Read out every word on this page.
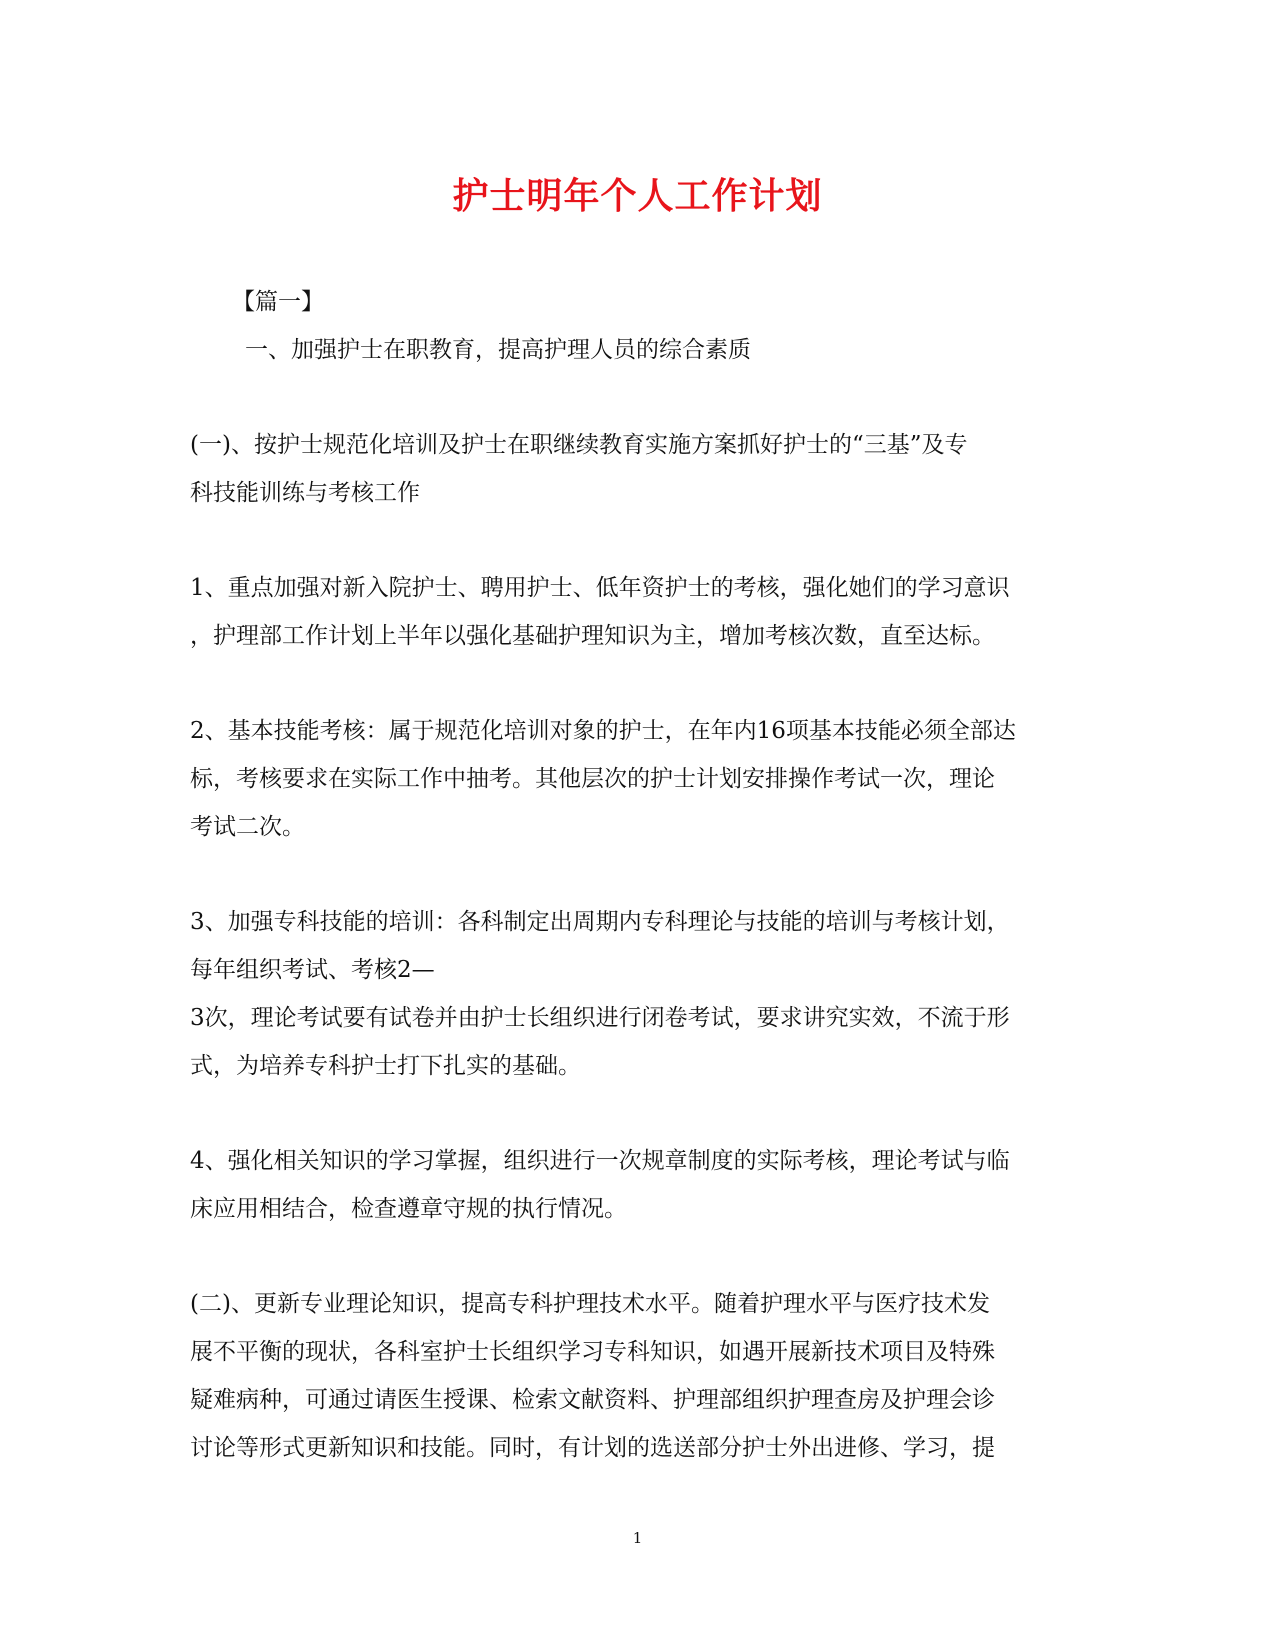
护士明年个人工作计划

【篇一】

一、加强护士在职教育，提高护理人员的综合素质

(一)、按护士规范化培训及护士在职继续教育实施方案抓好护士的“三基”及专

科技能训练与考核工作

1、重点加强对新入院护士、聘用护士、低年资护士的考核，强化她们的学习意识

，护理部工作计划上半年以强化基础护理知识为主，增加考核次数，直至达标。

2、基本技能考核：属于规范化培训对象的护士，在年内16项基本技能必须全部达

标，考核要求在实际工作中抽考。其他层次的护士计划安排操作考试一次，理论

考试二次。

3、加强专科技能的培训：各科制定出周期内专科理论与技能的培训与考核计划，

每年组织考试、考核2—

3次，理论考试要有试卷并由护士长组织进行闭卷考试，要求讲究实效，不流于形

式，为培养专科护士打下扎实的基础。

4、强化相关知识的学习掌握，组织进行一次规章制度的实际考核，理论考试与临

床应用相结合，检查遵章守规的执行情况。

(二)、更新专业理论知识，提高专科护理技术水平。随着护理水平与医疗技术发

展不平衡的现状，各科室护士长组织学习专科知识，如遇开展新技术项目及特殊

疑难病种，可通过请医生授课、检索文献资料、护理部组织护理查房及护理会诊

讨论等形式更新知识和技能。同时，有计划的选送部分护士外出进修、学习，提

1
